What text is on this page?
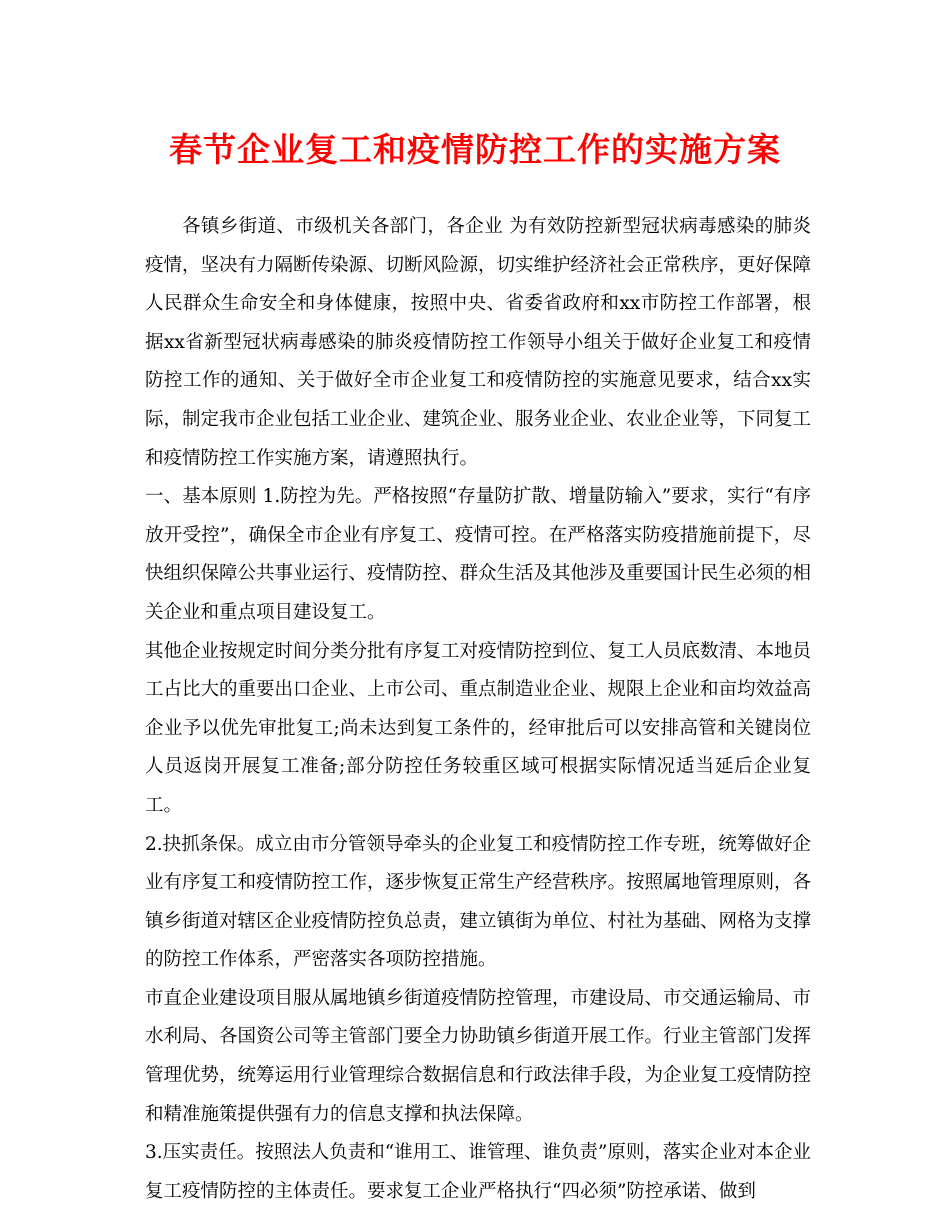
春节企业复工和疫情防控工作的实施方案

各镇乡街道、市级机关各部门，各企业 为有效防控新型冠状病毒感染的肺炎疫情，坚决有力隔断传染源、切断风险源，切实维护经济社会正常秩序，更好保障人民群众生命安全和身体健康，按照中央、省委省政府和xx市防控工作部署，根据xx省新型冠状病毒感染的肺炎疫情防控工作领导小组关于做好企业复工和疫情防控工作的通知、关于做好全市企业复工和疫情防控的实施意见要求，结合xx实际，制定我市企业包括工业企业、建筑企业、服务业企业、农业企业等，下同复工和疫情防控工作实施方案，请遵照执行。

一、基本原则 1.防控为先。严格按照“存量防扩散、增量防输入”要求，实行“有序放开受控”，确保全市企业有序复工、疫情可控。在严格落实防疫措施前提下，尽快组织保障公共事业运行、疫情防控、群众生活及其他涉及重要国计民生必须的相关企业和重点项目建设复工。

其他企业按规定时间分类分批有序复工对疫情防控到位、复工人员底数清、本地员工占比大的重要出口企业、上市公司、重点制造业企业、规限上企业和亩均效益高企业予以优先审批复工;尚未达到复工条件的，经审批后可以安排高管和关键岗位人员返岗开展复工准备;部分防控任务较重区域可根据实际情况适当延后企业复工。

2.抉抓条保。成立由市分管领导牵头的企业复工和疫情防控工作专班，统筹做好企业有序复工和疫情防控工作，逐步恢复正常生产经营秩序。按照属地管理原则，各镇乡街道对辖区企业疫情防控负总责，建立镇街为单位、村社为基础、网格为支撑的防控工作体系，严密落实各项防控措施。

市直企业建设项目服从属地镇乡街道疫情防控管理，市建设局、市交通运输局、市水利局、各国资公司等主管部门要全力协助镇乡街道开展工作。行业主管部门发挥管理优势，统筹运用行业管理综合数据信息和行政法律手段，为企业复工疫情防控和精准施策提供强有力的信息支撑和执法保障。

3.压实责任。按照法人负责和“谁用工、谁管理、谁负责”原则，落实企业对本企业复工疫情防控的主体责任。要求复工企业严格执行“四必须”防控承诺、做到
